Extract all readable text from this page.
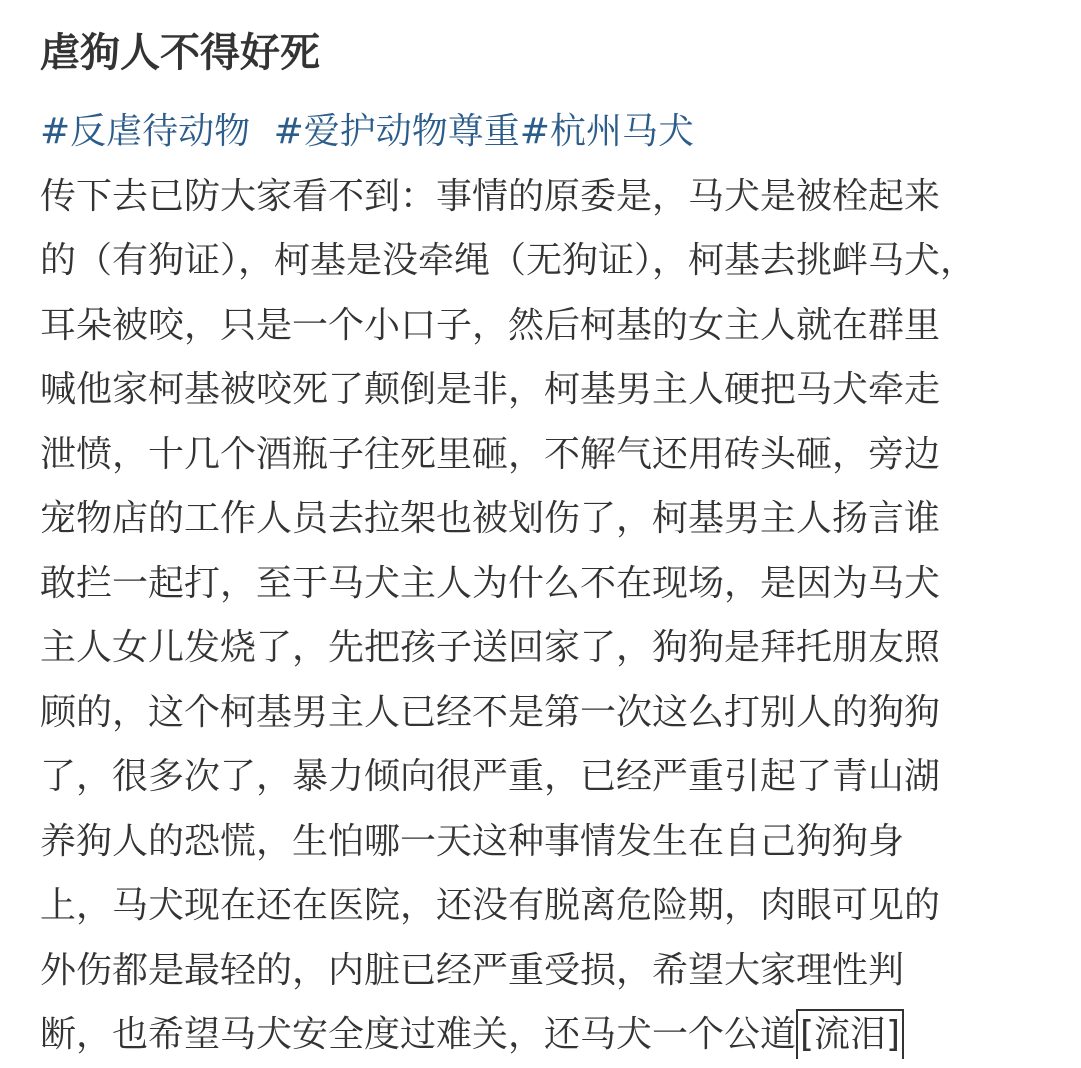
虐狗人不得好死
#反虐待动物 #爱护动物尊重#杭州马犬
传下去已防大家看不到：事情的原委是，马犬是被栓起来
的（有狗证），柯基是没牵绳（无狗证），柯基去挑衅马犬，
耳朵被咬，只是一个小口子，然后柯基的女主人就在群里
喊他家柯基被咬死了颠倒是非，柯基男主人硬把马犬牵走
泄愤，十几个酒瓶子往死里砸，不解气还用砖头砸，旁边
宠物店的工作人员去拉架也被划伤了，柯基男主人扬言谁
敢拦一起打，至于马犬主人为什么不在现场，是因为马犬
主人女儿发烧了，先把孩子送回家了，狗狗是拜托朋友照
顾的，这个柯基男主人已经不是第一次这么打别人的狗狗
了，很多次了，暴力倾向很严重，已经严重引起了青山湖
养狗人的恐慌，生怕哪一天这种事情发生在自己狗狗身
上，马犬现在还在医院，还没有脱离危险期，肉眼可见的
外伤都是最轻的，内脏已经严重受损，希望大家理性判
断，也希望马犬安全度过难关，还马犬一个公道 [流泪]
